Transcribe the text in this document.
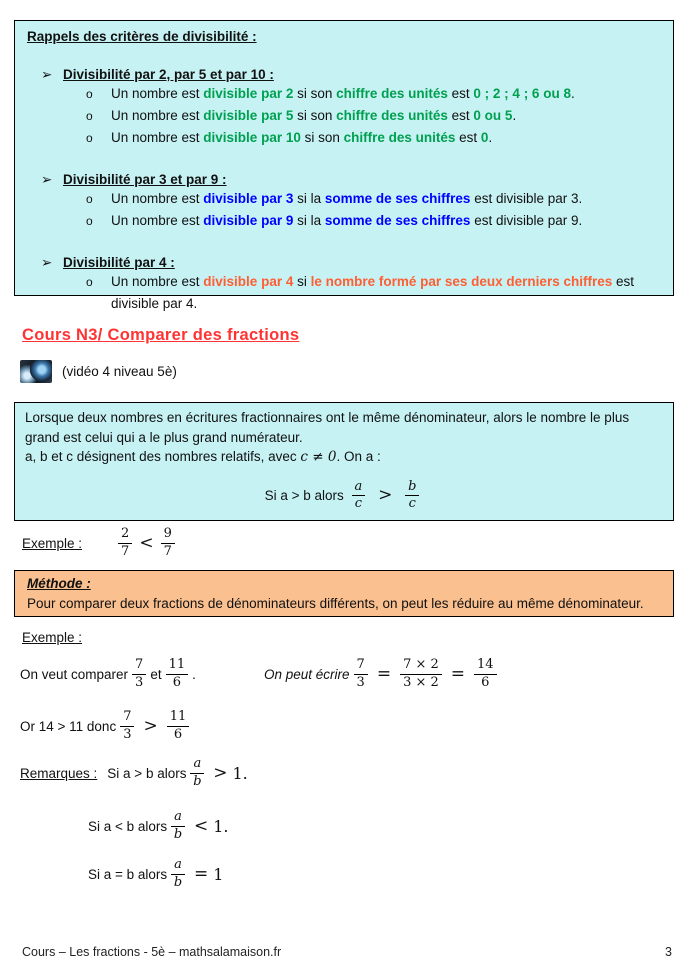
Rappels des critères de divisibilité :
➢ Divisibilité par 2, par 5 et par 10 :
o	Un nombre est divisible par 2 si son chiffre des unités est 0 ; 2 ; 4 ; 6 ou 8.
o	Un nombre est divisible par 5 si son chiffre des unités est 0 ou 5.
o	Un nombre est divisible par 10 si son chiffre des unités est 0.
➢ Divisibilité par 3 et par 9 :
o	Un nombre est divisible par 3 si la somme de ses chiffres est divisible par 3.
o	Un nombre est divisible par 9 si la somme de ses chiffres est divisible par 9.
➢ Divisibilité par 4 :
o	Un nombre est divisible par 4 si le nombre formé par ses deux derniers chiffres est divisible par 4.
Cours N3/ Comparer des fractions
(vidéo 4 niveau 5è)
Lorsque deux nombres en écritures fractionnaires ont le même dénominateur, alors le nombre le plus grand est celui qui a le plus grand numérateur.
a, b et c désignent des nombres relatifs, avec c ≠ 0. On a :
Si a > b alors $\frac{a}{c} > \frac{b}{c}$
Exemple :	$\frac{2}{7} < \frac{9}{7}$
Méthode :
Pour comparer deux fractions de dénominateurs différents, on peut les réduire au même dénominateur.
Exemple :
On veut comparer $\frac{7}{3}$ et $\frac{11}{6}$ .	On peut écrire $\frac{7}{3} = \frac{7 \times 2}{3 \times 2} = \frac{14}{6}$
Or 14 > 11 donc $\frac{7}{3} > \frac{11}{6}$
Remarques : Si a > b alors $\frac{a}{b} > 1$.
Si a < b alors $\frac{a}{b} < 1$.
Si a = b alors $\frac{a}{b} = 1$
Cours – Les fractions - 5è – mathsalamaison.fr	3
